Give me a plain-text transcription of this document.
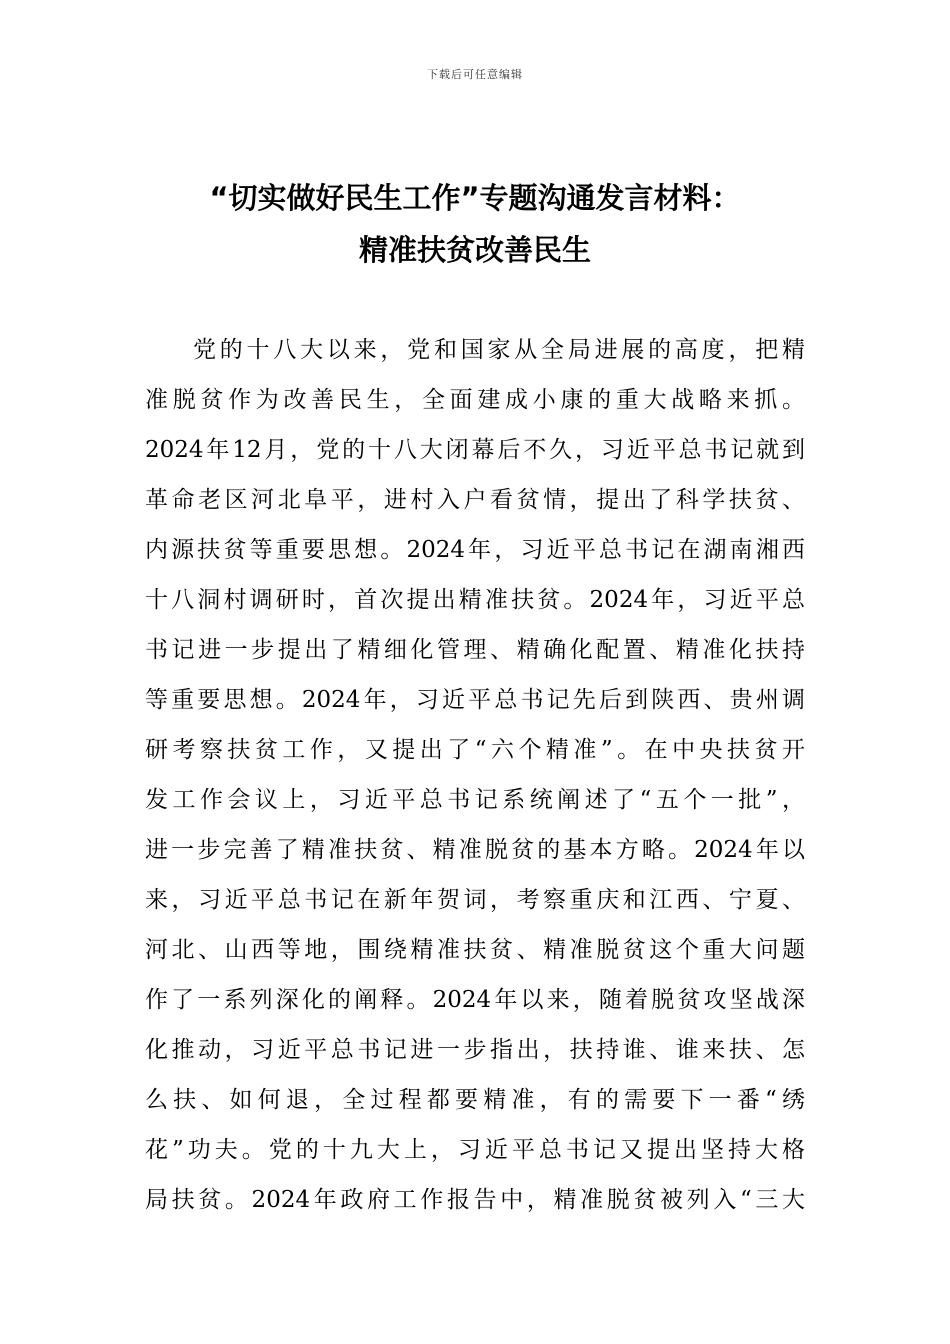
下载后可任意编辑
“切实做好民生工作”专题沟通发言材料：
精准扶贫改善民生
党的十八大以来，党和国家从全局进展的高度，把精
准脱贫作为改善民生，全面建成小康的重大战略来抓。
2024年12月，党的十八大闭幕后不久，习近平总书记就到
革命老区河北阜平，进村入户看贫情，提出了科学扶贫、
内源扶贫等重要思想。2024年，习近平总书记在湖南湘西
十八洞村调研时，首次提出精准扶贫。2024年，习近平总
书记进一步提出了精细化管理、精确化配置、精准化扶持
等重要思想。2024年，习近平总书记先后到陕西、贵州调
研考察扶贫工作，又提出了“六个精准”。在中央扶贫开
发工作会议上，习近平总书记系统阐述了“五个一批”，
进一步完善了精准扶贫、精准脱贫的基本方略。2024年以
来，习近平总书记在新年贺词，考察重庆和江西、宁夏、
河北、山西等地，围绕精准扶贫、精准脱贫这个重大问题
作了一系列深化的阐释。2024年以来，随着脱贫攻坚战深
化推动，习近平总书记进一步指出，扶持谁、谁来扶、怎
么扶、如何退，全过程都要精准，有的需要下一番“绣
花”功夫。党的十九大上，习近平总书记又提出坚持大格
局扶贫。2024年政府工作报告中，精准脱贫被列入“三大
